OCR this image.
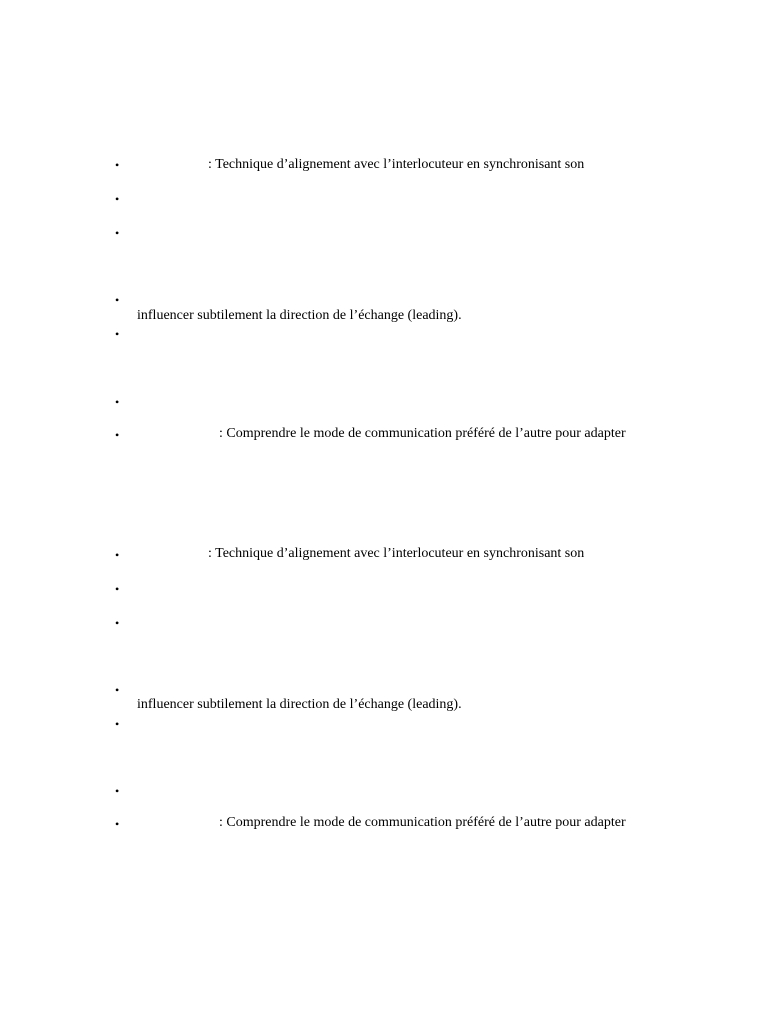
•	: Technique d’alignement avec l’interlocuteur en synchronisant son
•
•
•
influencer subtilement la direction de l’échange (leading).
•
•
•	: Comprendre le mode de communication préféré de l’autre pour adapter
•	: Technique d’alignement avec l’interlocuteur en synchronisant son
•
•
•
influencer subtilement la direction de l’échange (leading).
•
•
•	: Comprendre le mode de communication préféré de l’autre pour adapter
